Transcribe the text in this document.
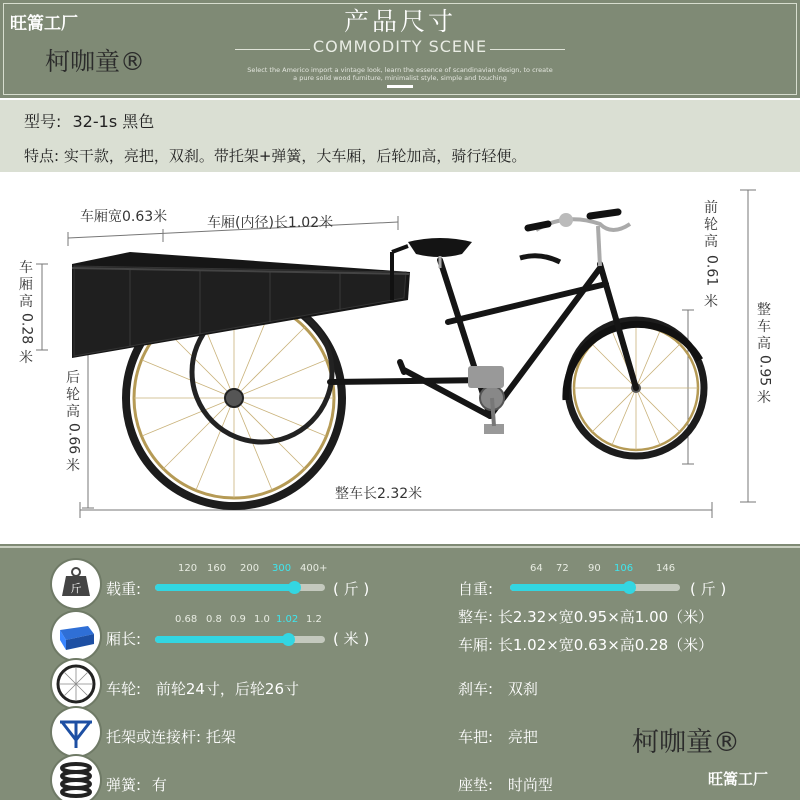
旺篙工厂
柯咖童®
产品尺寸
COMMODITY SCENE
Select the Americo import a vintage look, learn the essence of scandinavian design, to create
a pure solid wood furniture, minimalist style, simple and touching
型号: 32-1s 黑色
特点: 实干款，亮把，双刹。带托架+弹簧，大车厢，后轮加高，骑行轻便。
车厢宽0.63米	车厢(内径)长1.02米
整车长2.32米
车
厢
高
0.28
米
后
轮
高
0.66
米
前
轮
高
0.61
米	整
车
高
0.95
米
斤 载重:
120 160 200 300 400+
( 斤 )	自重:
64 72 90 106 146
( 斤 )
厢长:
0.68 0.8 0.9 1.0 1.02 1.2
( 米 )
整车: 长2.32×宽0.95×高1.00（米）
车厢: 长1.02×宽0.63×高0.28（米）
车轮: 前轮24寸，后轮26寸	刹车: 双刹
托架或连接杆: 托架	车把: 亮把	柯咖童®
弹簧: 有	座垫: 时尚型	旺篙工厂
